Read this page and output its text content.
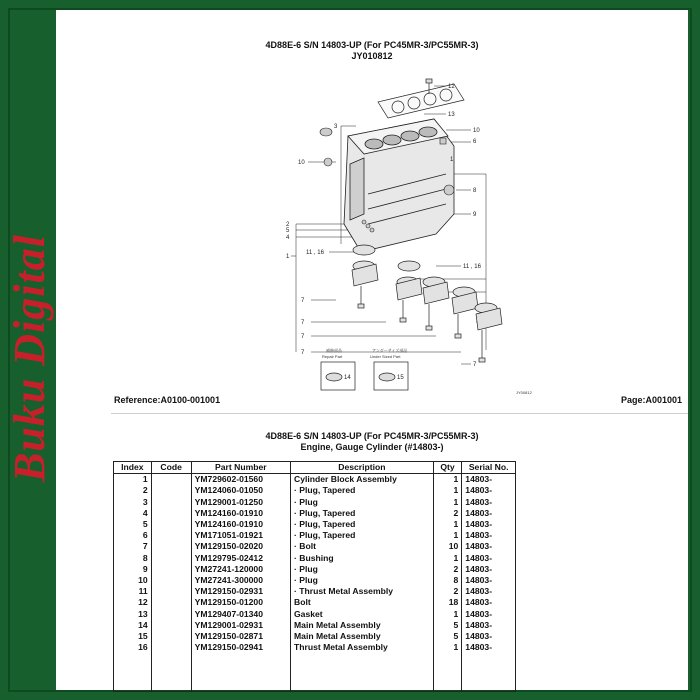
Buku Digital
4D88E-6 S/N 14803-UP (For PC45MR-3/PC55MR-3)
JY010812
12
13
3
10
6
1
10
8
9
2
5
4
1
11 , 16
11 , 16
7
7
7
7
7
14	15
補修部品
Repair Part
アンダーサイズ部品
Under Sized Part
JY00812
Reference:A0100-001001	Page:A001001
4D88E-6 S/N 14803-UP (For PC45MR-3/PC55MR-3)
Engine, Gauge Cylinder (#14803-)
Index	Code	Part Number	Description	Qty	Serial No.
1		YM729602-01560	Cylinder Block Assembly	1	14803-
2		YM124060-01050	· Plug, Tapered	1	14803-
3		YM129001-01250	· Plug	1	14803-
4		YM124160-01910	· Plug, Tapered	2	14803-
5		YM124160-01910	· Plug, Tapered	1	14803-
6		YM171051-01921	· Plug, Tapered	1	14803-
7		YM129150-02020	· Bolt	10	14803-
8		YM129795-02412	· Bushing	1	14803-
9		YM27241-120000	· Plug	2	14803-
10		YM27241-300000	· Plug	8	14803-
11		YM129150-02931	· Thrust Metal Assembly	2	14803-
12		YM129150-01200	Bolt	18	14803-
13		YM129407-01340	Gasket	1	14803-
14		YM129001-02931	Main Metal Assembly	5	14803-
15		YM129150-02871	Main Metal Assembly	5	14803-
16		YM129150-02941	Thrust Metal Assembly	1	14803-
